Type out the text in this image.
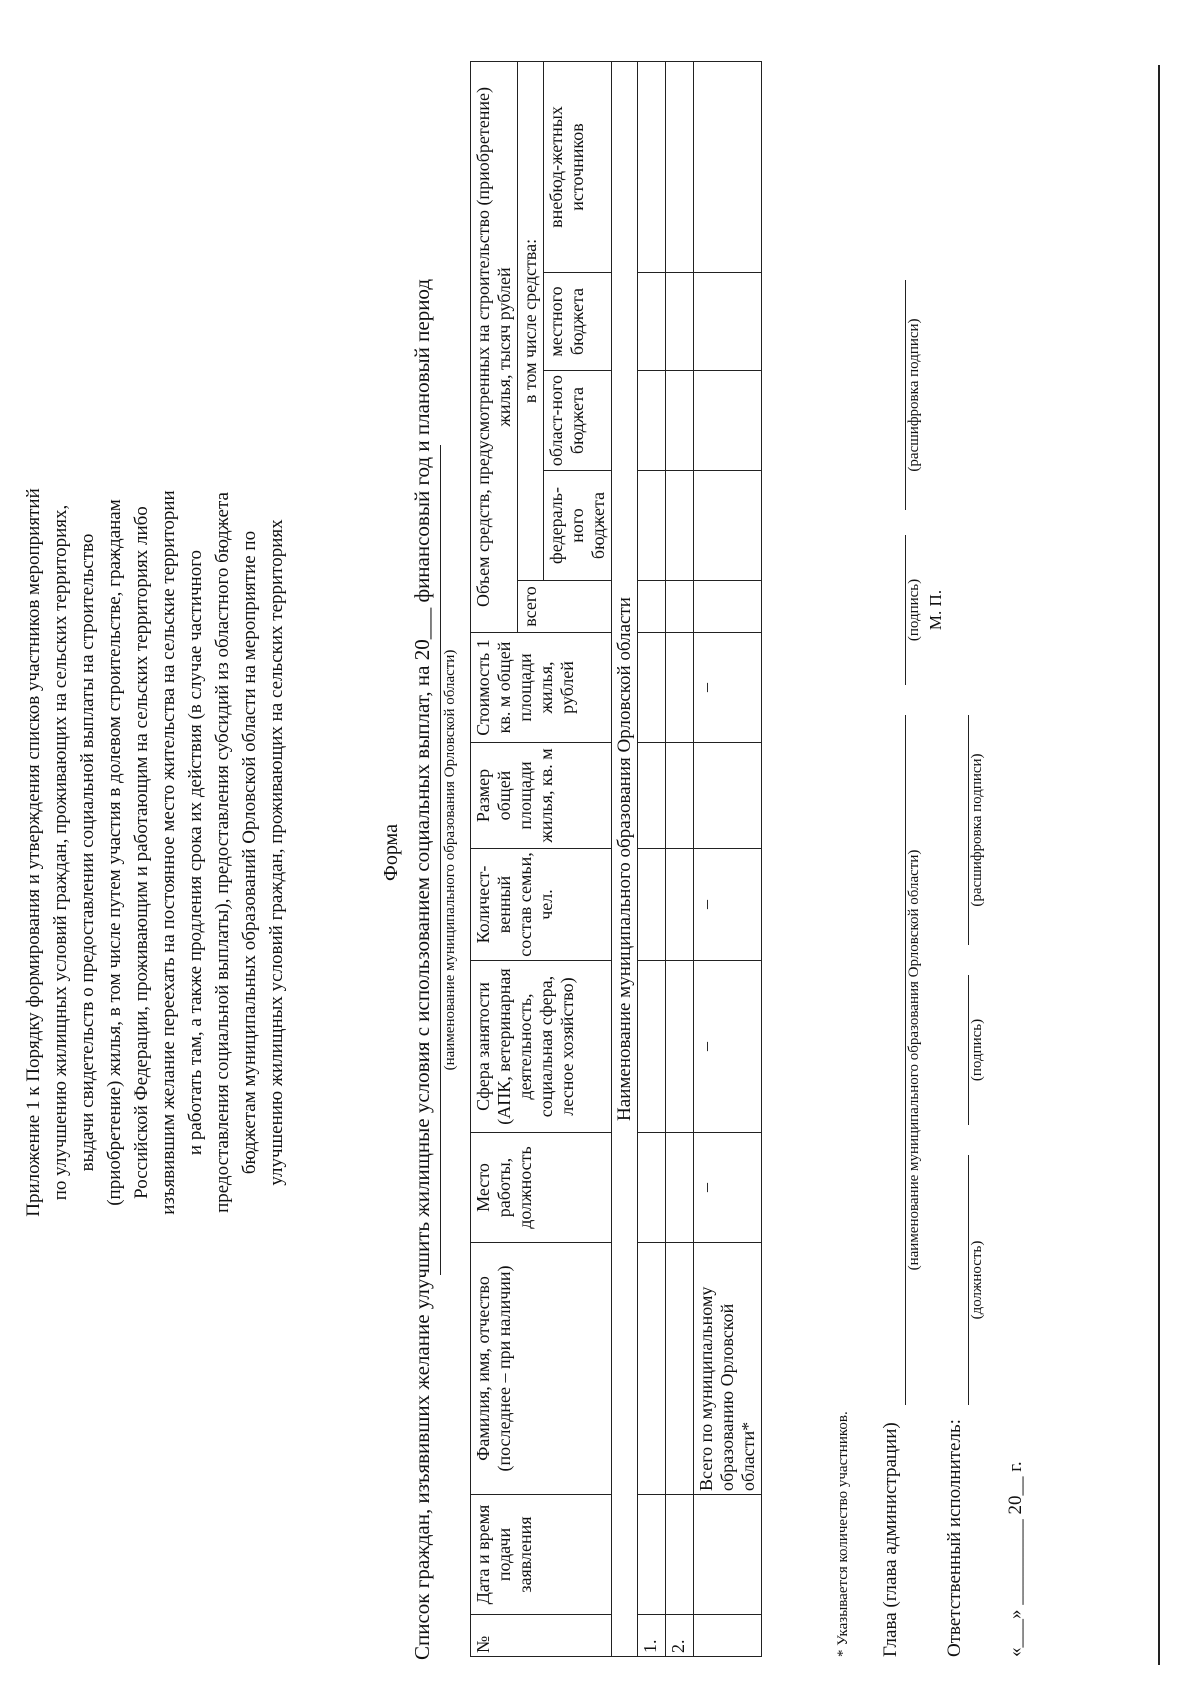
Приложение 1 к Порядку формирования и утверждения списков участников мероприятий по улучшению жилищных условий граждан, проживающих на сельских территориях, выдачи свидетельств о предоставлении социальной выплаты на строительство (приобретение) жилья, в том числе путем участия в долевом строительстве, гражданам Российской Федерации, проживающим и работающим на сельских территориях либо изъявившим желание переехать на постоянное место жительства на сельские территории и работать там, а также продления срока их действия (в случае частичного предоставления социальной выплаты), предоставления субсидий из областного бюджета бюджетам муниципальных образований Орловской области на мероприятие по улучшению жилищных условий граждан, проживающих на сельских территориях	Форма Список граждан, изъявивших желание улучшить жилищные условия с использованием социальных выплат, на 20___ финансовый год и плановый период (наименование муниципального образования Орловской области)
№	Дата и время подачи заявления	Фамилия, имя, отчество (последнее – при наличии)	Место работы, должность	Сфера занятости (АПК, ветеринарная деятельность, социальная сфера, лесное хозяйство)	Количест-венный состав семьи, чел.	Размер общей площади жилья, кв. м	Стоимость 1 кв. м общей площади жилья, рублей	Объем средств, предусмотренных на строительство (приобретение) жилья, тысяч рублей				
								всего	в том числе средства:			
									федераль-ного бюджета	област-ного бюджета	местного бюджета	внебюд-жетных источников
Наименование муниципального образования Орловской области												
1.												
2.												
		Всего по муниципальному образованию Орловской области*	–	–	–		–					
* Указывается количество участников. Глава (глава администрации)
(наименование муниципального образования Орловской области)
(подпись) М. П.
(расшифровка подписи)
Ответственный исполнитель:
(должность)
(подпись)
(расшифровка подписи)
«___» _________ 20__ г.
